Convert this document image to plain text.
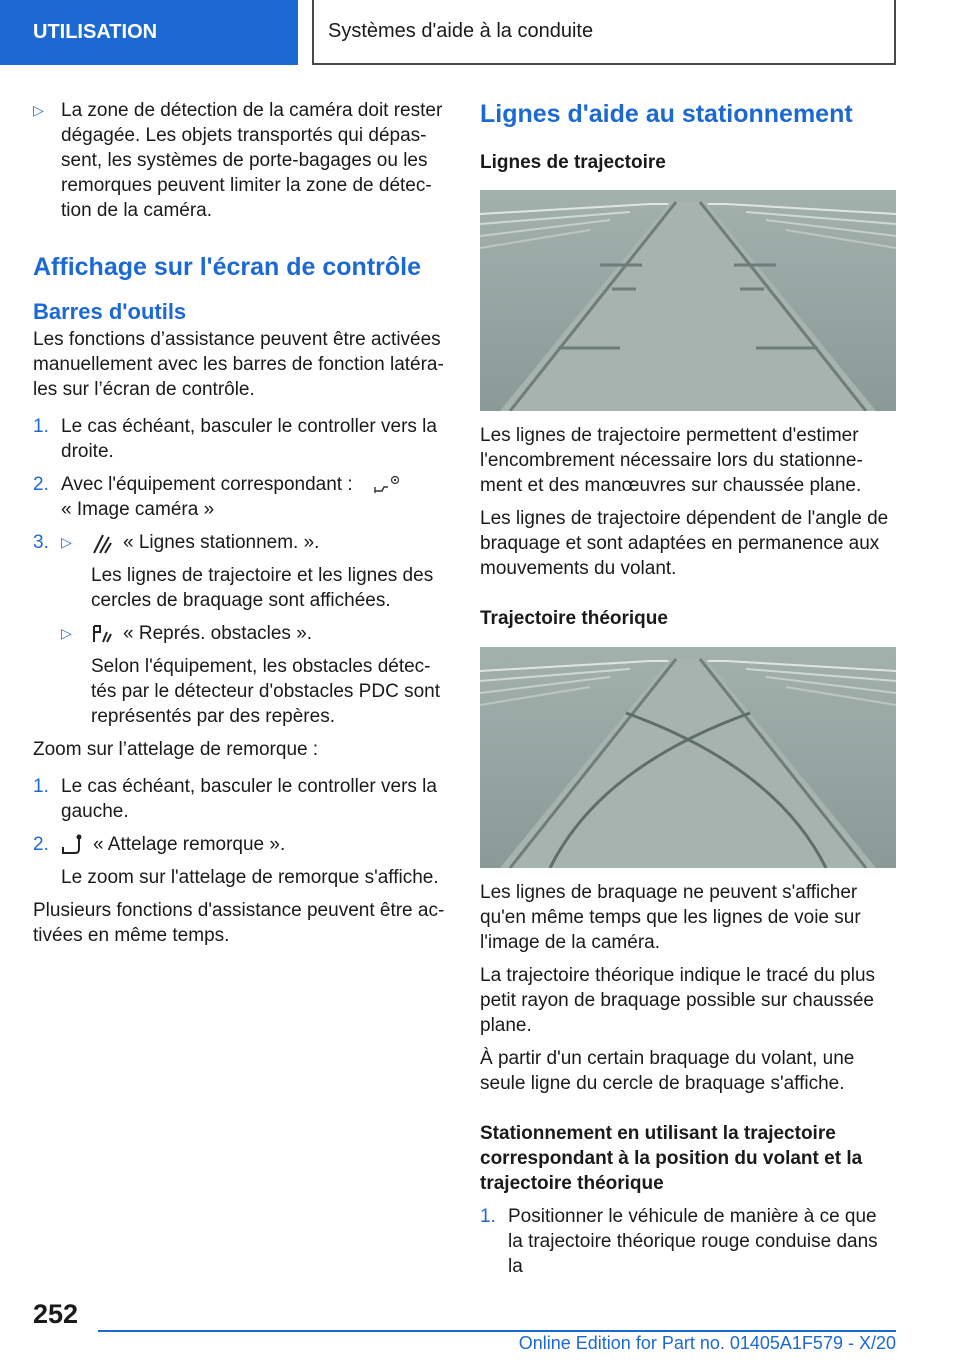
UTILISATION	Systèmes d'aide à la conduite
▷ La zone de détection de la caméra doit rester dégagée. Les objets transportés qui dépassent, les systèmes de porte-bagages ou les remorques peuvent limiter la zone de détection de la caméra.
Affichage sur l'écran de contrôle
Barres d'outils

Les fonctions d’assistance peuvent être activées manuellement avec les barres de fonction latérales sur l’écran de contrôle.

1. Le cas échéant, basculer le controller vers la droite.
2. Avec l'équipement correspondant :
« Image caméra »
3. ▷	« Lignes stationnem. ».
Les lignes de trajectoire et les lignes des cercles de braquage sont affichées.
▷	« Représ. obstacles ».
Selon l'équipement, les obstacles détectés par le détecteur d'obstacles PDC sont représentés par des repères.

Zoom sur l’attelage de remorque :

1. Le cas échéant, basculer le controller vers la gauche.
2. « Attelage remorque ».
Le zoom sur l'attelage de remorque s'affiche.

Plusieurs fonctions d'assistance peuvent être activées en même temps.

Lignes d'aide au stationnement
Lignes de trajectoire

Les lignes de trajectoire permettent d'estimer l'encombrement nécessaire lors du stationnement et des manœuvres sur chaussée plane.

Les lignes de trajectoire dépendent de l'angle de braquage et sont adaptées en permanence aux mouvements du volant.

Trajectoire théorique

Les lignes de braquage ne peuvent s'afficher qu'en même temps que les lignes de voie sur l'image de la caméra.

La trajectoire théorique indique le tracé du plus petit rayon de braquage possible sur chaussée plane.

À partir d'un certain braquage du volant, une seule ligne du cercle de braquage s'affiche.

Stationnement en utilisant la trajectoire correspondant à la position du volant et la trajectoire théorique
1. Positionner le véhicule de manière à ce que la trajectoire théorique rouge conduise dans la
252
Online Edition for Part no. 01405A1F579 - X/20
